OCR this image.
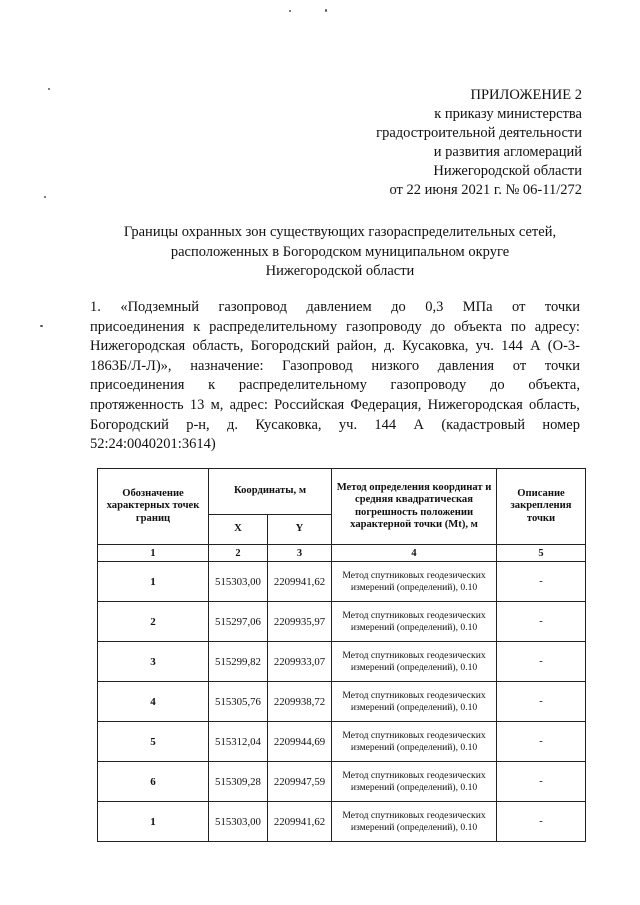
ПРИЛОЖЕНИЕ 2
к приказу министерства
градостроительной деятельности
и развития агломераций
Нижегородской области
от 22 июня 2021 г. № 06-11/272
Границы охранных зон существующих газораспределительных сетей,
расположенных в Богородском муниципальном округе
Нижегородской области
1. «Подземный газопровод давлением до 0,3 МПа от точки
присоединения к распределительному газопроводу до объекта по адресу:
Нижегородская область, Богородский район, д. Кусаковка, уч. 144 А (О-3-
1863Б/Л-Л)», назначение: Газопровод низкого давления от точки
присоединения к распределительному газопроводу до объекта,
протяженность 13 м, адрес: Российская Федерация, Нижегородская область,
Богородский р-н, д. Кусаковка, уч. 144 А (кадастровый номер
52:24:0040201:3614)
Обозначение характерных точек границ	Координаты, м		Метод определения координат и средняя квадратическая погрешность положении характерной точки (Mt), м	Описание закрепления точки
	X	Y		
1	2	3	4	5
1	515303,00	2209941,62	Метод спутниковых геодезических измерений (определений), 0.10	-
2	515297,06	2209935,97	Метод спутниковых геодезических измерений (определений), 0.10	-
3	515299,82	2209933,07	Метод спутниковых геодезических измерений (определений), 0.10	-
4	515305,76	2209938,72	Метод спутниковых геодезических измерений (определений), 0.10	-
5	515312,04	2209944,69	Метод спутниковых геодезических измерений (определений), 0.10	-
6	515309,28	2209947,59	Метод спутниковых геодезических измерений (определений), 0.10	-
1	515303,00	2209941,62	Метод спутниковых геодезических измерений (определений), 0.10	-
